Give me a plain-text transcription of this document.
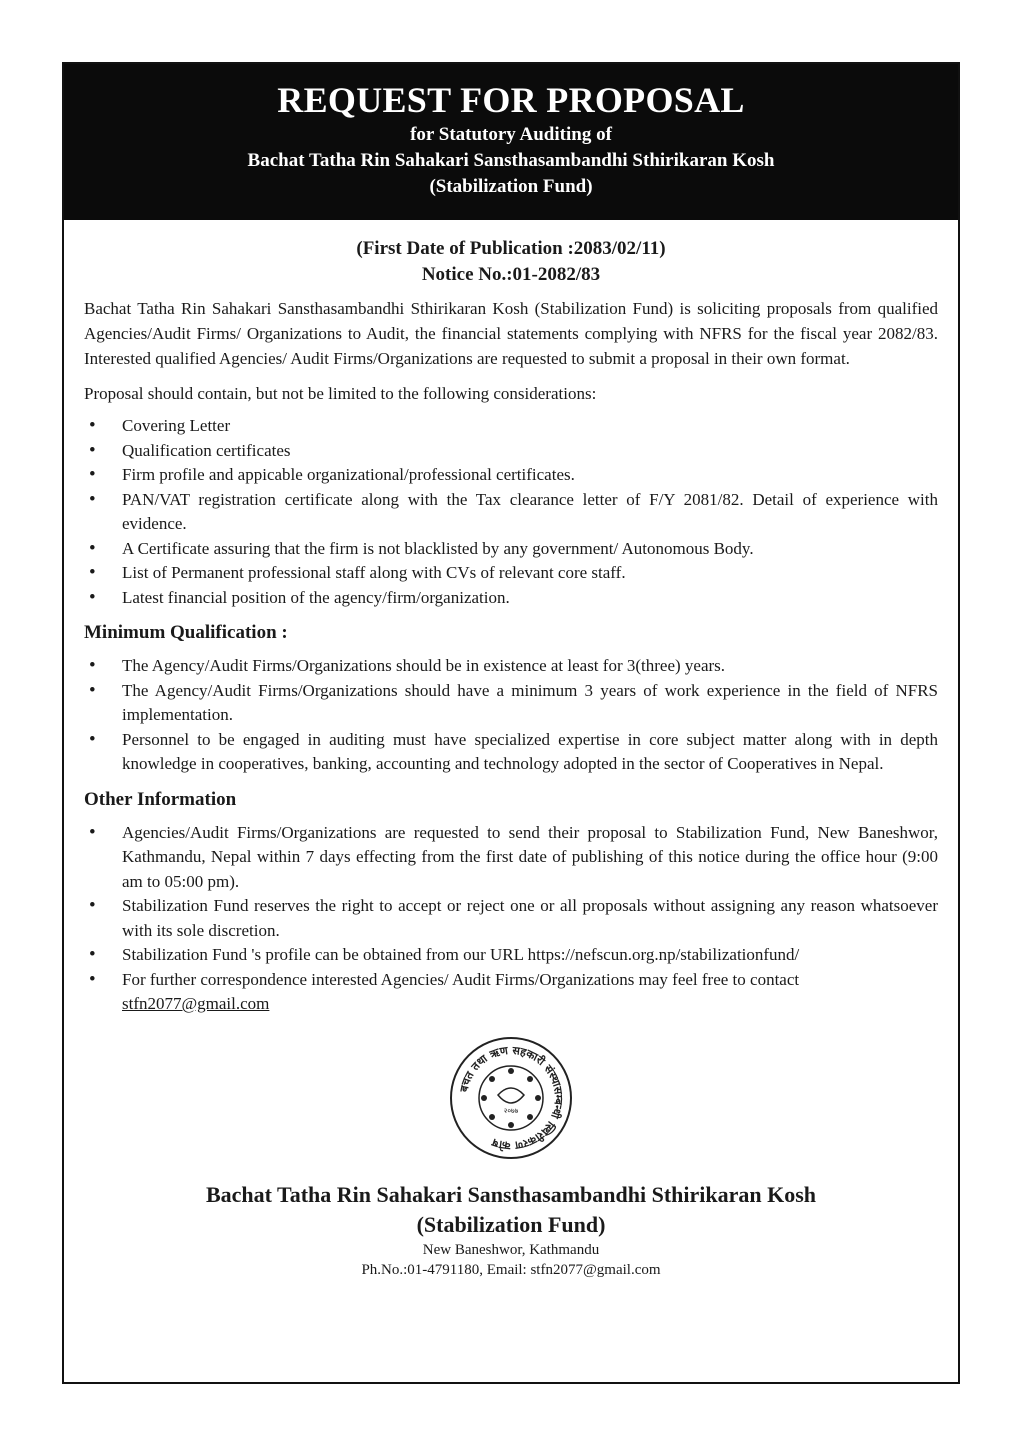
REQUEST FOR PROPOSAL
for Statutory Auditing of
Bachat Tatha Rin Sahakari Sansthasambandhi Sthirikaran Kosh
(Stabilization Fund)
(First Date of Publication :2083/02/11)
Notice No.:01-2082/83

Bachat Tatha Rin Sahakari Sansthasambandhi Sthirikaran Kosh (Stabilization Fund) is soliciting proposals from qualified Agencies/Audit Firms/ Organizations to Audit, the financial statements complying with NFRS for the fiscal year 2082/83. Interested qualified Agencies/ Audit Firms/Organizations are requested to submit a proposal in their own format.

Proposal should contain, but not be limited to the following considerations:

• Covering Letter
• Qualification certificates
• Firm profile and appicable organizational/professional certificates.
• PAN/VAT registration certificate along with the Tax clearance letter of F/Y 2081/82. Detail of experience with evidence.
• A Certificate assuring that the firm is not blacklisted by any government/ Autonomous Body.
• List of Permanent professional staff along with CVs of relevant core staff.
• Latest financial position of the agency/firm/organization.
Minimum Qualification :
• The Agency/Audit Firms/Organizations should be in existence at least for 3(three) years.
• The Agency/Audit Firms/Organizations should have a minimum 3 years of work experience in the field of NFRS implementation.
• Personnel to be engaged in auditing must have specialized expertise in core subject matter along with in depth knowledge in cooperatives, banking, accounting and technology adopted in the sector of Cooperatives in Nepal.
Other Information
• Agencies/Audit Firms/Organizations are requested to send their proposal to Stabilization Fund, New Baneshwor, Kathmandu, Nepal within 7 days effecting from the first date of publishing of this notice during the office hour (9:00 am to 05:00 pm).
• Stabilization Fund reserves the right to accept or reject one or all proposals without assigning any reason whatsoever with its sole discretion.
• Stabilization Fund 's profile can be obtained from our URL https://nefscun.org.np/stabilizationfund/
• For further correspondence interested Agencies/ Audit Firms/Organizations may feel free to contact
stfn2077@gmail.com
बचत तथा ऋण सहकारी संस्थासम्बन्धी स्थिरीकरण कोष
२०७७
Bachat Tatha Rin Sahakari Sansthasambandhi Sthirikaran Kosh
(Stabilization Fund)
New Baneshwor, Kathmandu
Ph.No.:01-4791180, Email: stfn2077@gmail.com
